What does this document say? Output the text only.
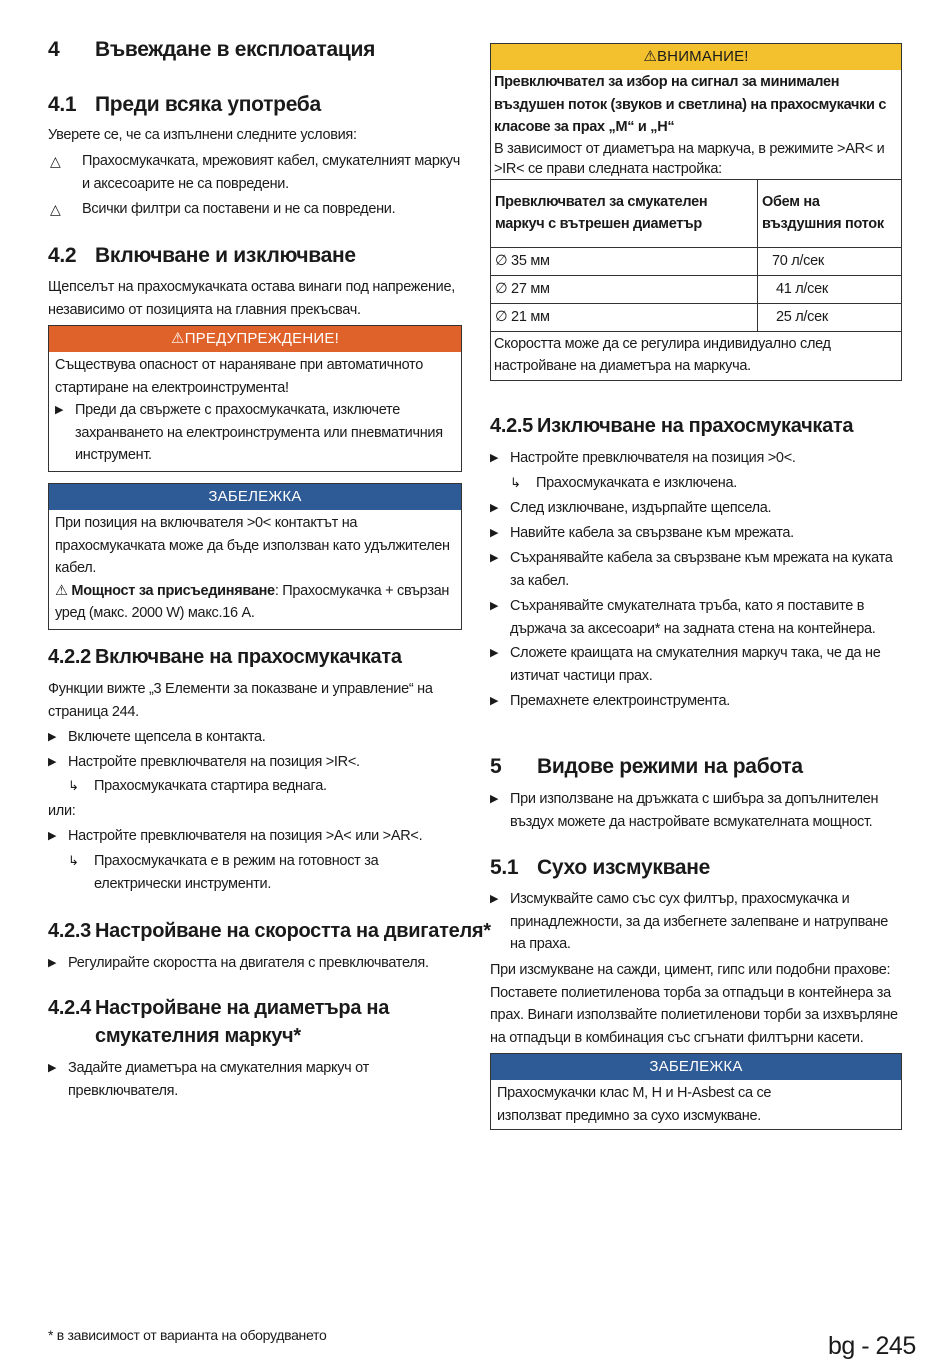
4 Въвеждане в експлоатация
4.1 Преди всяка употреба
Уверете се, че са изпълнени следните условия:
△ Прахосмукачката, мрежовият кабел, смукателният маркуч и аксесоарите не са повредени.
△ Всички филтри са поставени и не са повредени.
4.2 Включване и изключване
Щепселът на прахосмукачката остава винаги под напрежение, независимо от позицията на главния прекъсвач.
⚠ПРЕДУПРЕЖДЕНИЕ!
Съществува опасност от нараняване при автоматичното стартиране на електроинструмента!
▶ Преди да свържете с прахосмукачката, изключете захранването на електроинструмента или пневматичния инструмент.
ЗАБЕЛЕЖКА
При позиция на включвателя >0< контактът на прахосмукачката може да бъде използван като удължителен кабел.
⚠ Мощност за присъединяване: Прахосмукачка + свързан уред (макс. 2000 W) макс.16 A.
4.2.2 Включване на прахосмукачката
Функции вижте „3 Елементи за показване и управление“ на страница 244.
▶ Включете щепсела в контакта.
▶ Настройте превключвателя на позиция >IR<.
↳ Прахосмукачката стартира веднага.
или:
▶ Настройте превключвателя на позиция >A< или >AR<.
↳ Прахосмукачката е в режим на готовност за електрически инструменти.
4.2.3 Настройване на скоростта на двигателя*
▶ Регулирайте скоростта на двигателя с превключвателя.
4.2.4 Настройване на диаметъра на
смукателния маркуч*
▶ Задайте диаметъра на смукателния маркуч от превключвателя.
⚠ВНИМАНИЕ!
Превключвател за избор на сигнал за минимален въздушен поток (звуков и светлина) на прахосмукачки с класове за прах „M“ и „H“
В зависимост от диаметъра на маркуча, в режимите >AR< и >IR< се прави следната настройка:
Превключвател за смукателен маркуч с вътрешен диаметър	Обем на въздушния поток
∅ 35 мм	70 л/сек
∅ 27 мм	41 л/сек
∅ 21 мм	25 л/сек
Скоростта може да се регулира индивидуално след настройване на диаметъра на маркуча.	
4.2.5 Изключване на прахосмукачката
▶ Настройте превключвателя на позиция >0<.
↳ Прахосмукачката е изключена.
▶ След изключване, издърпайте щепсела.
▶ Навийте кабела за свързване към мрежата.
▶ Съхранявайте кабела за свързване към мрежата на куката за кабел.
▶ Съхранявайте смукателната тръба, като я поставите в държача за аксесоари* на задната стена на контейнера.
▶ Сложете краищата на смукателния маркуч така, че да не изтичат частици прах.
▶ Премахнете електроинструмента.
5 Видове режими на работа
▶ При използване на дръжката с шибъра за допълнителен въздух можете да настройвате всмукателната мощност.
5.1 Сухо изсмукване
▶ Изсмуквайте само със сух филтър, прахосмукачка и принадлежности, за да избегнете залепване и натрупване на праха.
При изсмукване на сажди, цимент, гипс или подобни прахове: Поставете полиетиленова торба за отпадъци в контейнера за прах. Винаги използвайте полиетиленови торби за изхвърляне на отпадъци в комбинация със сгънати филтърни касети.
ЗАБЕЛЕЖКА
Прахосмукачки клас M, H и H-Asbest са се използват предимно за сухо изсмукване.
* в зависимост от варианта на оборудването	bg - 245
